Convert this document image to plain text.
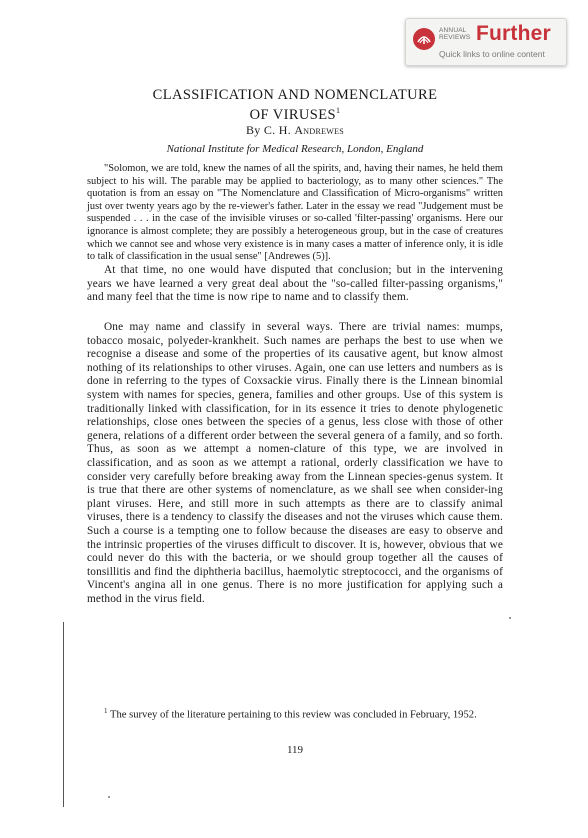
ANNUAL
REVIEWS Further
Quick links to online content
CLASSIFICATION AND NOMENCLATURE
OF VIRUSES$^1$
By C. H. Andrewes
National Institute for Medical Research, London, England
"Solomon, we are told, knew the names of all the spirits, and, having their names, he held them subject to his will. The parable may be applied to bacteriology, as to many other sciences." The quotation is from an essay on "The Nomenclature and Classification of Micro-organisms" written just over twenty years ago by the re-viewer's father. Later in the essay we read "Judgement must be suspended . . . in the case of the invisible viruses or so-called 'filter-passing' organisms. Here our ignorance is almost complete; they are possibly a heterogeneous group, but in the case of creatures which we cannot see and whose very existence is in many cases a matter of inference only, it is idle to talk of classification in the usual sense" [Andrewes (5)].

At that time, no one would have disputed that conclusion; but in the intervening years we have learned a very great deal about the "so-called filter-passing organisms," and many feel that the time is now ripe to name and to classify them.

One may name and classify in several ways. There are trivial names: mumps, tobacco mosaic, polyeder-krankheit. Such names are perhaps the best to use when we recognise a disease and some of the properties of its causative agent, but know almost nothing of its relationships to other viruses. Again, one can use letters and numbers as is done in referring to the types of Coxsackie virus. Finally there is the Linnean binomial system with names for species, genera, families and other groups. Use of this system is traditionally linked with classification, for in its essence it tries to denote phylogenetic relationships, close ones between the species of a genus, less close with those of other genera, relations of a different order between the several genera of a family, and so forth. Thus, as soon as we attempt a nomen-clature of this type, we are involved in classification, and as soon as we attempt a rational, orderly classification we have to consider very carefully before breaking away from the Linnean species-genus system. It is true that there are other systems of nomenclature, as we shall see when consider-ing plant viruses. Here, and still more in such attempts as there are to classify animal viruses, there is a tendency to classify the diseases and not the viruses which cause them. Such a course is a tempting one to follow because the diseases are easy to observe and the intrinsic properties of the viruses difficult to discover. It is, however, obvious that we could never do this with the bacteria, or we should group together all the causes of tonsillitis and find the diphtheria bacillus, haemolytic streptococci, and the organisms of Vincent's angina all in one genus. There is no more justification for applying such a method in the virus field.

$^1$ The survey of the literature pertaining to this review was concluded in February, 1952.
119
